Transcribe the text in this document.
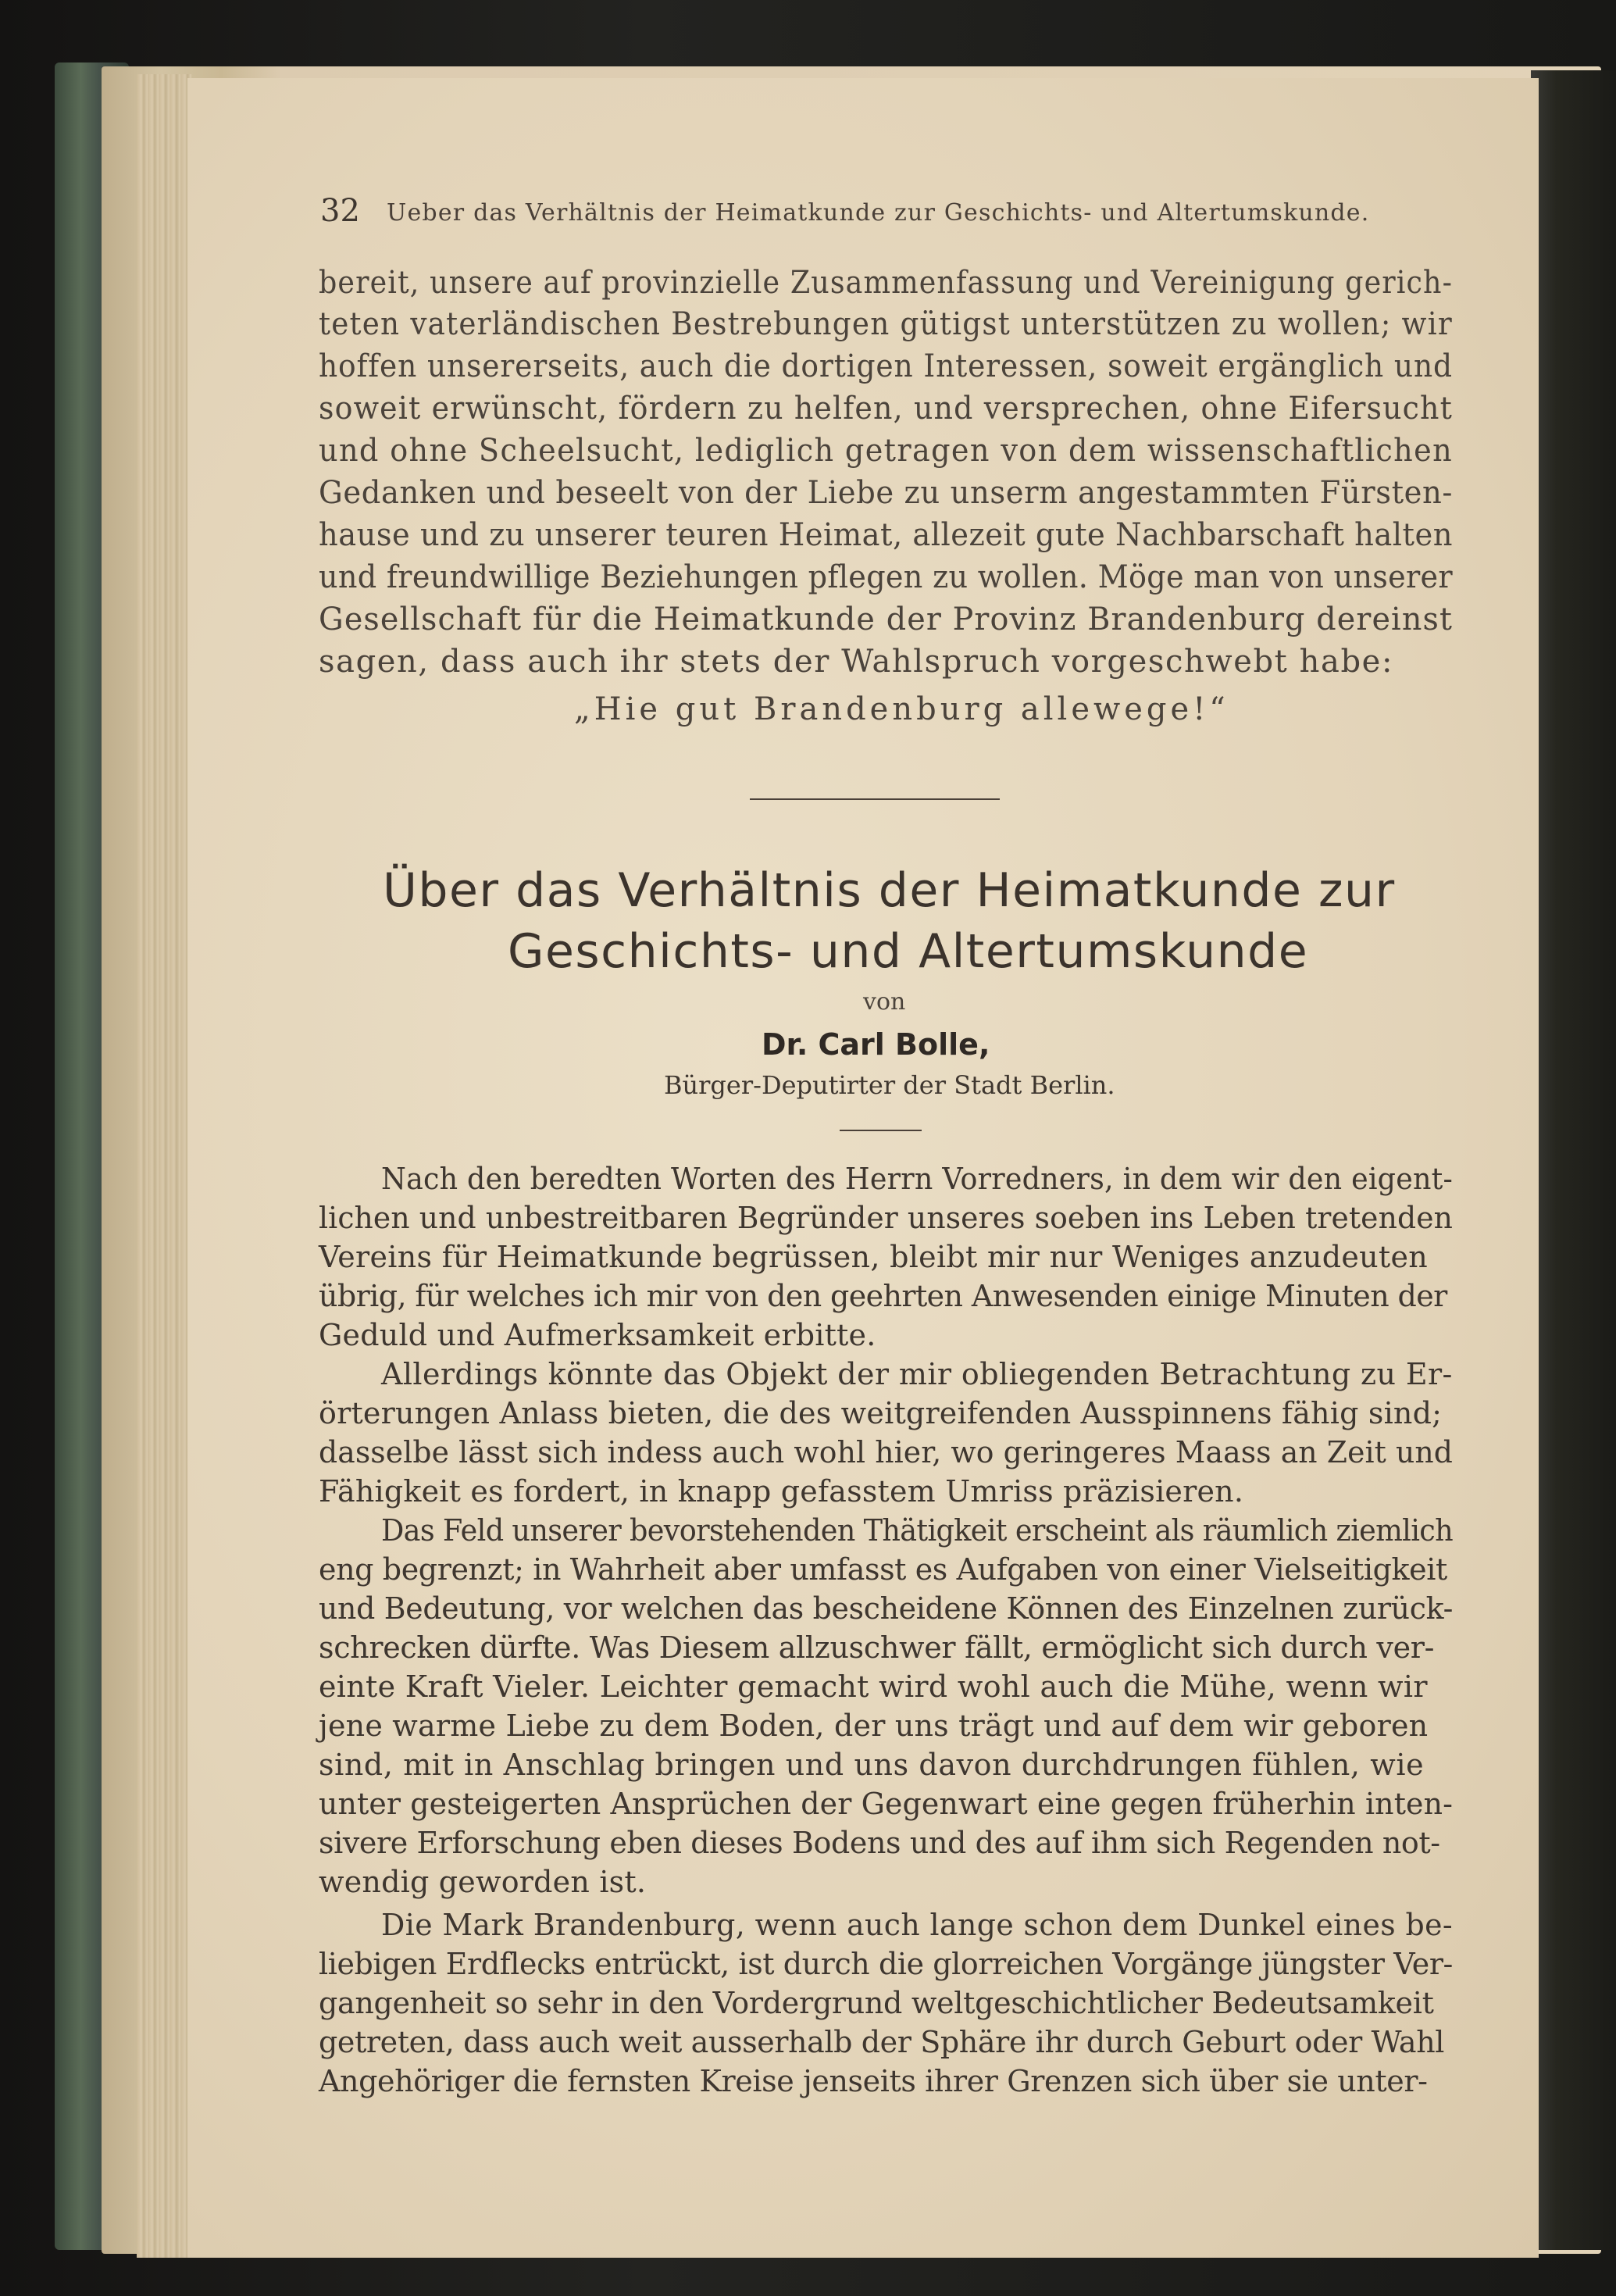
32 Ueber das Verhältnis der Heimatkunde zur Geschichts- und Altertumskunde.
bereit, unsere auf provinzielle Zusammenfassung und Vereinigung gerich-
teten vaterländischen Bestrebungen gütigst unterstützen zu wollen; wir
hoffen unsererseits, auch die dortigen Interessen, soweit ergänglich und
soweit erwünscht, fördern zu helfen, und versprechen, ohne Eifersucht
und ohne Scheelsucht, lediglich getragen von dem wissenschaftlichen
Gedanken und beseelt von der Liebe zu unserm angestammten Fürsten-
hause und zu unserer teuren Heimat, allezeit gute Nachbarschaft halten
und freundwillige Beziehungen pflegen zu wollen. Möge man von unserer
Gesellschaft für die Heimatkunde der Provinz Brandenburg dereinst
sagen, dass auch ihr stets der Wahlspruch vorgeschwebt habe:
„Hie gut Brandenburg allewege!“
Über das Verhältnis der Heimatkunde zur
Geschichts- und Altertumskunde
von
Dr. Carl Bolle,
Bürger-Deputirter der Stadt Berlin.
Nach den beredten Worten des Herrn Vorredners, in dem wir den eigent-
lichen und unbestreitbaren Begründer unseres soeben ins Leben tretenden
Vereins für Heimatkunde begrüssen, bleibt mir nur Weniges anzudeuten
übrig, für welches ich mir von den geehrten Anwesenden einige Minuten der
Geduld und Aufmerksamkeit erbitte.
Allerdings könnte das Objekt der mir obliegenden Betrachtung zu Er-
örterungen Anlass bieten, die des weitgreifenden Ausspinnens fähig sind;
dasselbe lässt sich indess auch wohl hier, wo geringeres Maass an Zeit und
Fähigkeit es fordert, in knapp gefasstem Umriss präzisieren.
Das Feld unserer bevorstehenden Thätigkeit erscheint als räumlich ziemlich
eng begrenzt; in Wahrheit aber umfasst es Aufgaben von einer Vielseitigkeit
und Bedeutung, vor welchen das bescheidene Können des Einzelnen zurück-
schrecken dürfte. Was Diesem allzuschwer fällt, ermöglicht sich durch ver-
einte Kraft Vieler. Leichter gemacht wird wohl auch die Mühe, wenn wir
jene warme Liebe zu dem Boden, der uns trägt und auf dem wir geboren
sind, mit in Anschlag bringen und uns davon durchdrungen fühlen, wie
unter gesteigerten Ansprüchen der Gegenwart eine gegen früherhin inten-
sivere Erforschung eben dieses Bodens und des auf ihm sich Regenden not-
wendig geworden ist.
Die Mark Brandenburg, wenn auch lange schon dem Dunkel eines be-
liebigen Erdflecks entrückt, ist durch die glorreichen Vorgänge jüngster Ver-
gangenheit so sehr in den Vordergrund weltgeschichtlicher Bedeutsamkeit
getreten, dass auch weit ausserhalb der Sphäre ihr durch Geburt oder Wahl
Angehöriger die fernsten Kreise jenseits ihrer Grenzen sich über sie unter-
